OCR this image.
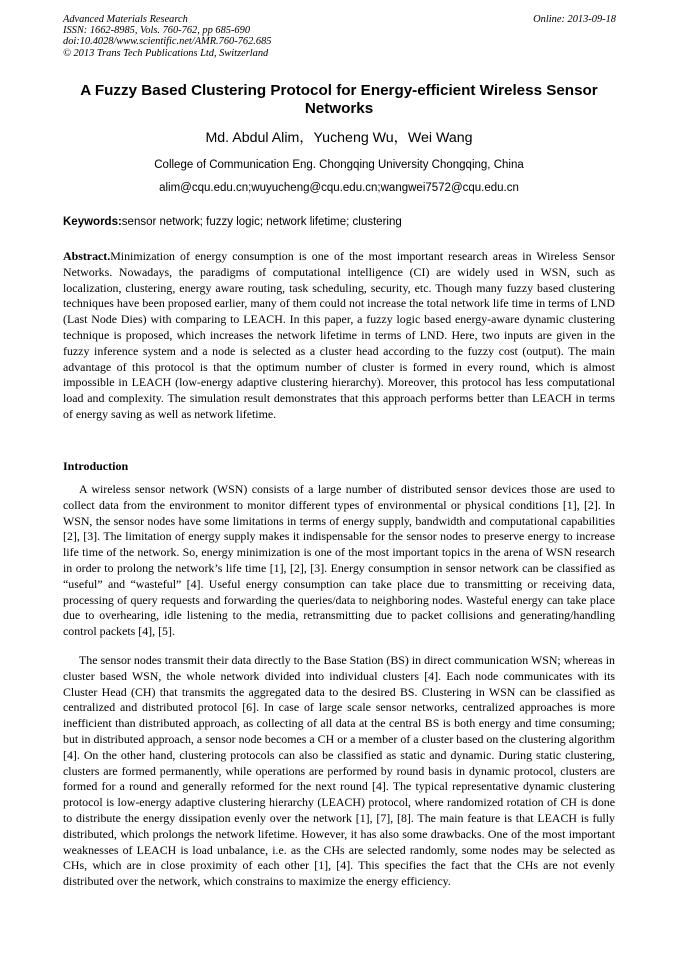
Advanced Materials Research
ISSN: 1662-8985, Vols. 760-762, pp 685-690
doi:10.4028/www.scientific.net/AMR.760-762.685
© 2013 Trans Tech Publications Ltd, Switzerland
Online: 2013-09-18
A Fuzzy Based Clustering Protocol for Energy-efficient Wireless Sensor Networks
Md. Abdul Alim，Yucheng Wu，Wei Wang
College of Communication Eng. Chongqing University Chongqing, China
alim@cqu.edu.cn;wuyucheng@cqu.edu.cn;wangwei7572@cqu.edu.cn
Keywords:sensor network; fuzzy logic; network lifetime; clustering
Abstract.Minimization of energy consumption is one of the most important research areas in Wireless Sensor Networks. Nowadays, the paradigms of computational intelligence (CI) are widely used in WSN, such as localization, clustering, energy aware routing, task scheduling, security, etc. Though many fuzzy based clustering techniques have been proposed earlier, many of them could not increase the total network life time in terms of LND (Last Node Dies) with comparing to LEACH. In this paper, a fuzzy logic based energy-aware dynamic clustering technique is proposed, which increases the network lifetime in terms of LND. Here, two inputs are given in the fuzzy inference system and a node is selected as a cluster head according to the fuzzy cost (output). The main advantage of this protocol is that the optimum number of cluster is formed in every round, which is almost impossible in LEACH (low-energy adaptive clustering hierarchy). Moreover, this protocol has less computational load and complexity. The simulation result demonstrates that this approach performs better than LEACH in terms of energy saving as well as network lifetime.
Introduction
A wireless sensor network (WSN) consists of a large number of distributed sensor devices those are used to collect data from the environment to monitor different types of environmental or physical conditions [1], [2]. In WSN, the sensor nodes have some limitations in terms of energy supply, bandwidth and computational capabilities [2], [3]. The limitation of energy supply makes it indispensable for the sensor nodes to preserve energy to increase life time of the network. So, energy minimization is one of the most important topics in the arena of WSN research in order to prolong the network’s life time [1], [2], [3]. Energy consumption in sensor network can be classified as “useful” and “wasteful” [4]. Useful energy consumption can take place due to transmitting or receiving data, processing of query requests and forwarding the queries/data to neighboring nodes. Wasteful energy can take place due to overhearing, idle listening to the media, retransmitting due to packet collisions and generating/handling control packets [4], [5].
The sensor nodes transmit their data directly to the Base Station (BS) in direct communication WSN; whereas in cluster based WSN, the whole network divided into individual clusters [4]. Each node communicates with its Cluster Head (CH) that transmits the aggregated data to the desired BS. Clustering in WSN can be classified as centralized and distributed protocol [6]. In case of large scale sensor networks, centralized approaches is more inefficient than distributed approach, as collecting of all data at the central BS is both energy and time consuming; but in distributed approach, a sensor node becomes a CH or a member of a cluster based on the clustering algorithm [4]. On the other hand, clustering protocols can also be classified as static and dynamic. During static clustering, clusters are formed permanently, while operations are performed by round basis in dynamic protocol, clusters are formed for a round and generally reformed for the next round [4]. The typical representative dynamic clustering protocol is low-energy adaptive clustering hierarchy (LEACH) protocol, where randomized rotation of CH is done to distribute the energy dissipation evenly over the network [1], [7], [8]. The main feature is that LEACH is fully distributed, which prolongs the network lifetime. However, it has also some drawbacks. One of the most important weaknesses of LEACH is load unbalance, i.e. as the CHs are selected randomly, some nodes may be selected as CHs, which are in close proximity of each other [1], [4]. This specifies the fact that the CHs are not evenly distributed over the network, which constrains to maximize the energy efficiency.
